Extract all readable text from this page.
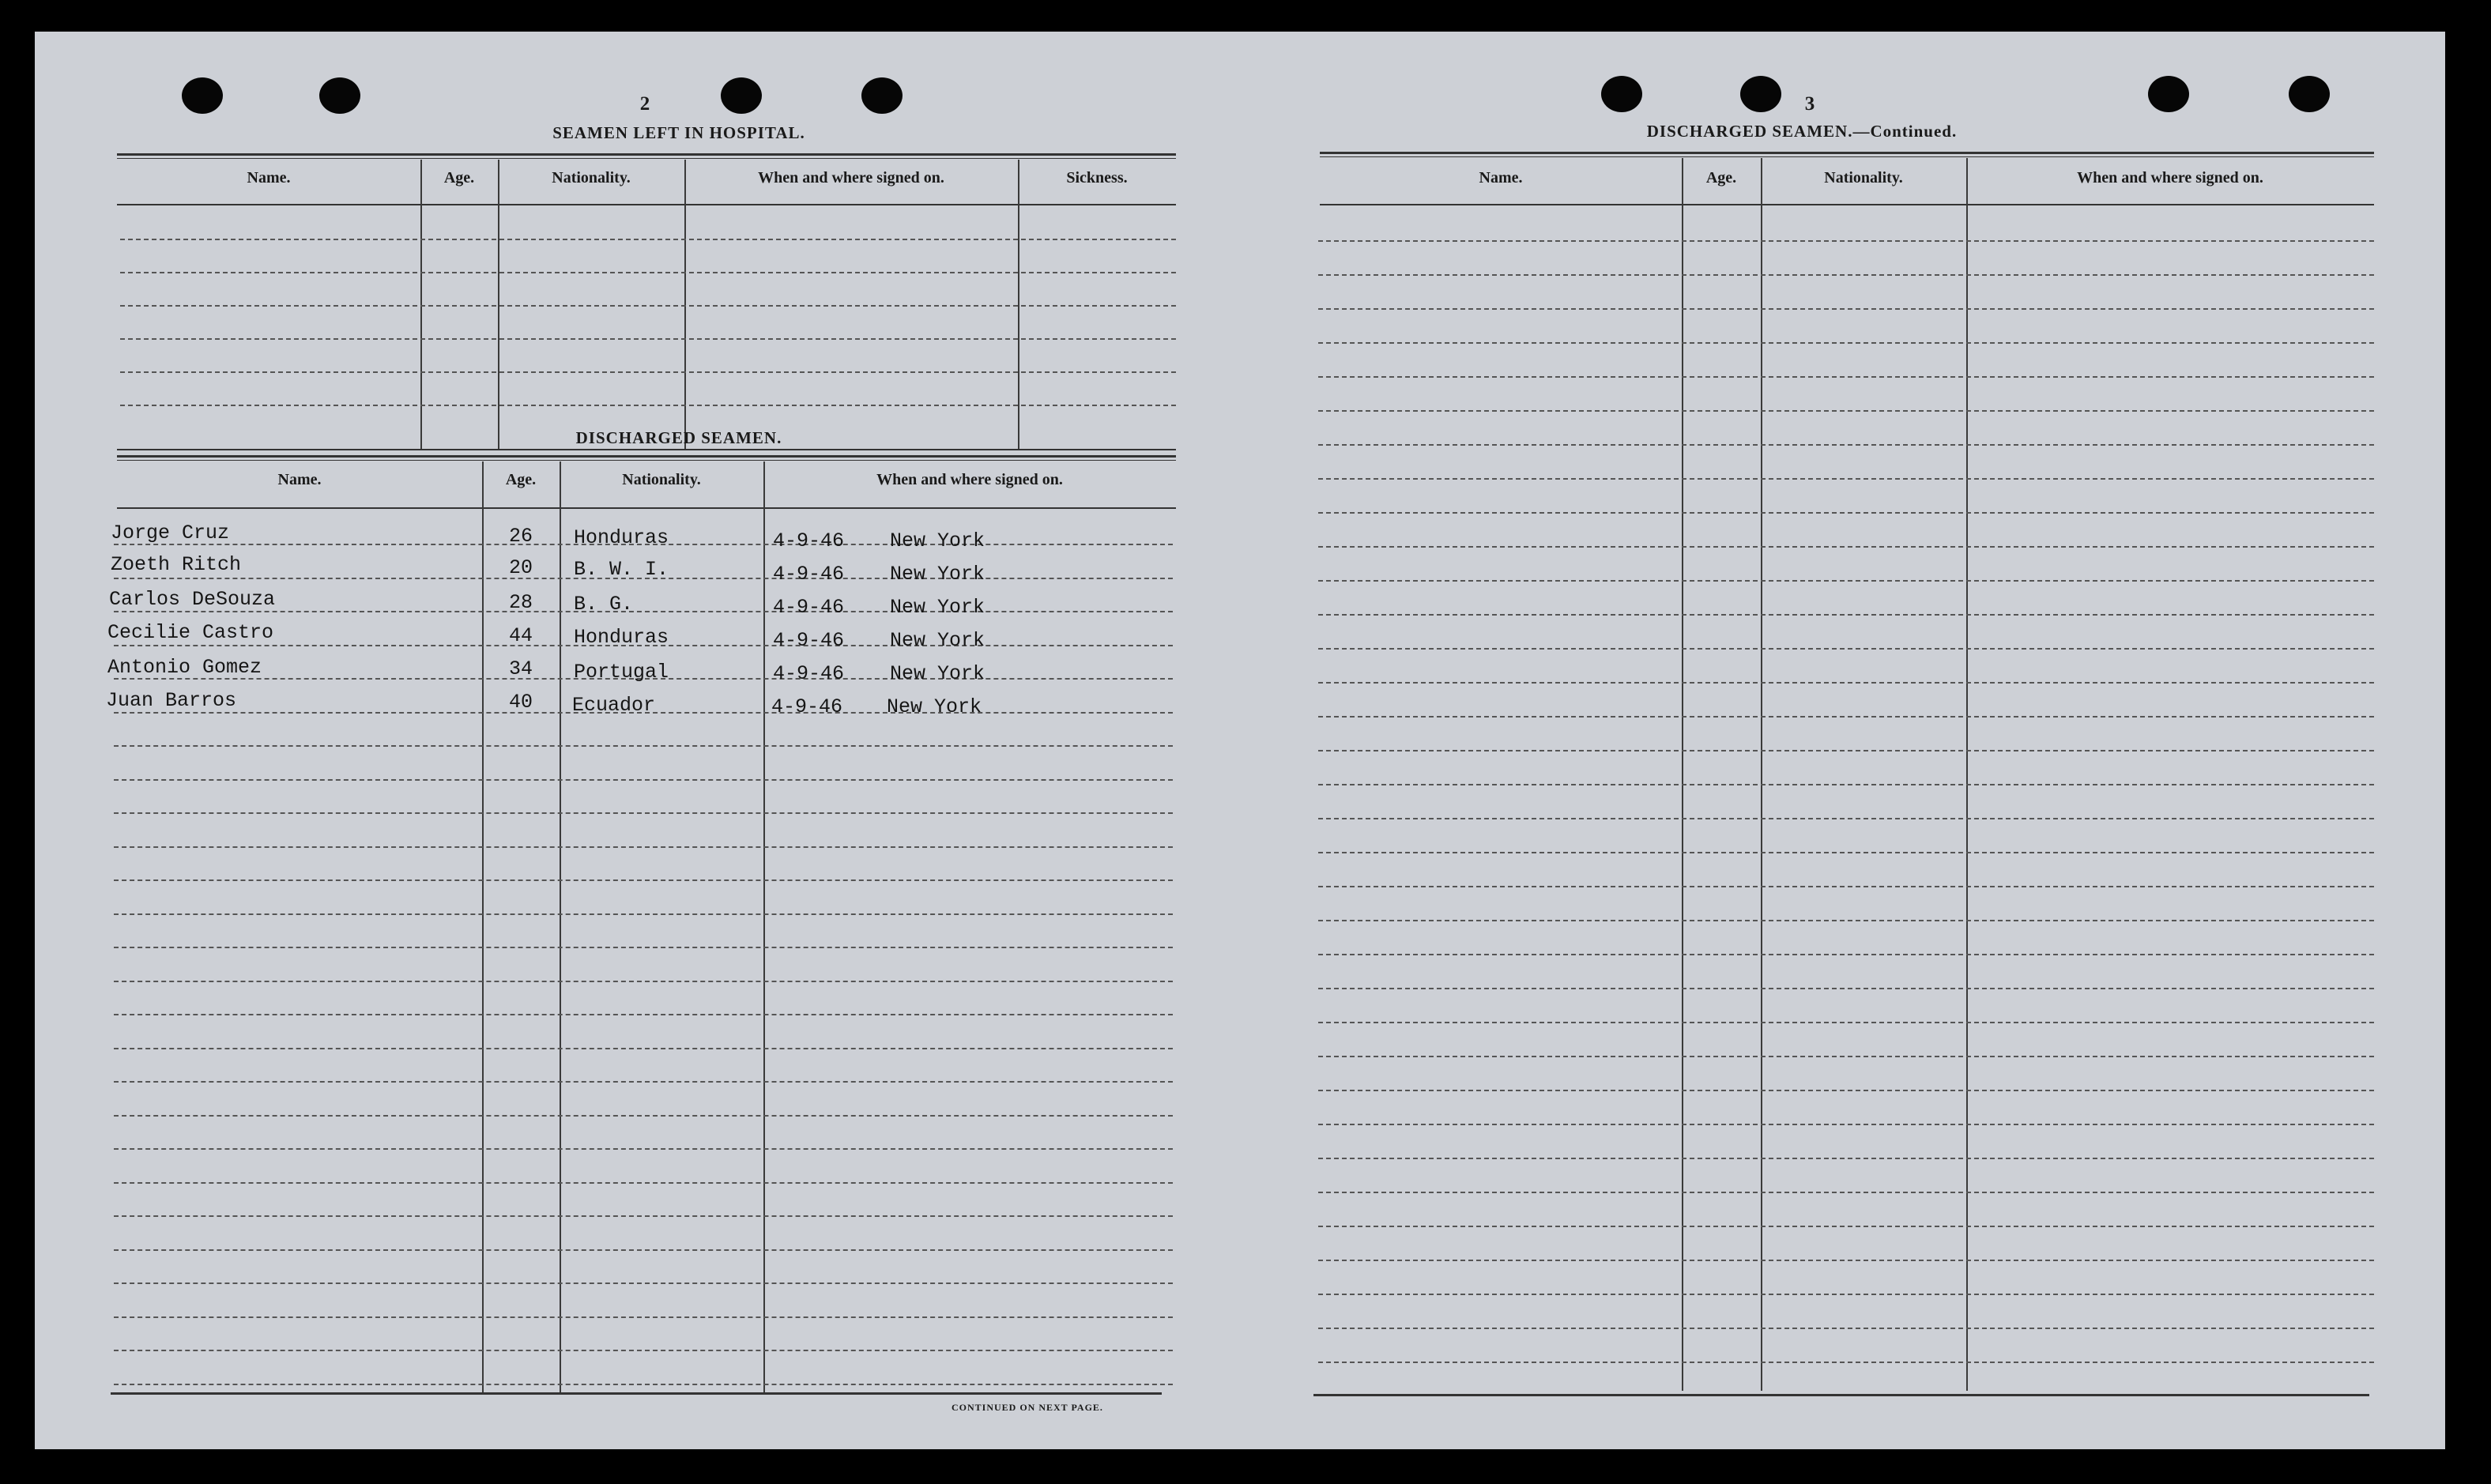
2
SEAMEN LEFT IN HOSPITAL.
Name.	Age.	Nationality.	When and where signed on.	Sickness.
DISCHARGED SEAMEN.
Name.	Age.	Nationality.	When and where signed on.
Jorge Cruz	26	Honduras	4-9-46 New York
Zoeth Ritch	20	B. W. I.	4-9-46 New York
Carlos DeSouza	28	B. G.	4-9-46 New York
Cecilie Castro	44	Honduras	4-9-46 New York
Antonio Gomez	34	Portugal	4-9-46 New York
Juan Barros	40	Ecuador	4-9-46 New York
CONTINUED ON NEXT PAGE.
3
DISCHARGED SEAMEN.—Continued.
Name.	Age.	Nationality.	When and where signed on.
